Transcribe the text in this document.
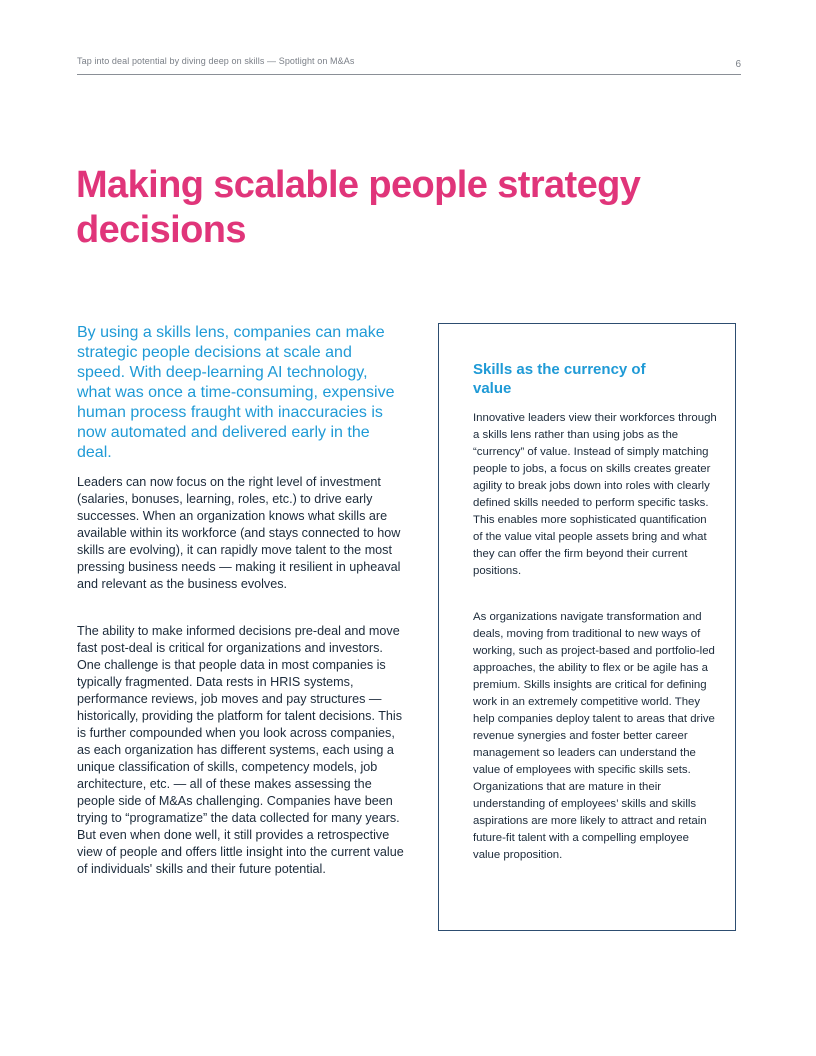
Tap into deal potential by diving deep on skills — Spotlight on M&As	6
Making scalable people strategy decisions

By using a skills lens, companies can make strategic people decisions at scale and speed. With deep-learning AI technology, what was once a time-consuming, expensive human process fraught with inaccuracies is now automated and delivered early in the deal.

Leaders can now focus on the right level of investment (salaries, bonuses, learning, roles, etc.) to drive early successes. When an organization knows what skills are available within its workforce (and stays connected to how skills are evolving), it can rapidly move talent to the most pressing business needs — making it resilient in upheaval and relevant as the business evolves.

The ability to make informed decisions pre-deal and move fast post-deal is critical for organizations and investors. One challenge is that people data in most companies is typically fragmented. Data rests in HRIS systems, performance reviews, job moves and pay structures — historically, providing the platform for talent decisions. This is further compounded when you look across companies, as each organization has different systems, each using a unique classification of skills, competency models, job architecture, etc. — all of these makes assessing the people side of M&As challenging. Companies have been trying to “programatize” the data collected for many years. But even when done well, it still provides a retrospective view of people and offers little insight into the current value of individuals' skills and their future potential.

Skills as the currency of value

Innovative leaders view their workforces through a skills lens rather than using jobs as the “currency” of value. Instead of simply matching people to jobs, a focus on skills creates greater agility to break jobs down into roles with clearly defined skills needed to perform specific tasks. This enables more sophisticated quantification of the value vital people assets bring and what they can offer the firm beyond their current positions.

As organizations navigate transformation and deals, moving from traditional to new ways of working, such as project-based and portfolio-led approaches, the ability to flex or be agile has a premium. Skills insights are critical for defining work in an extremely competitive world. They help companies deploy talent to areas that drive revenue synergies and foster better career management so leaders can understand the value of employees with specific skills sets. Organizations that are mature in their understanding of employees’ skills and skills aspirations are more likely to attract and retain future-fit talent with a compelling employee value proposition.
